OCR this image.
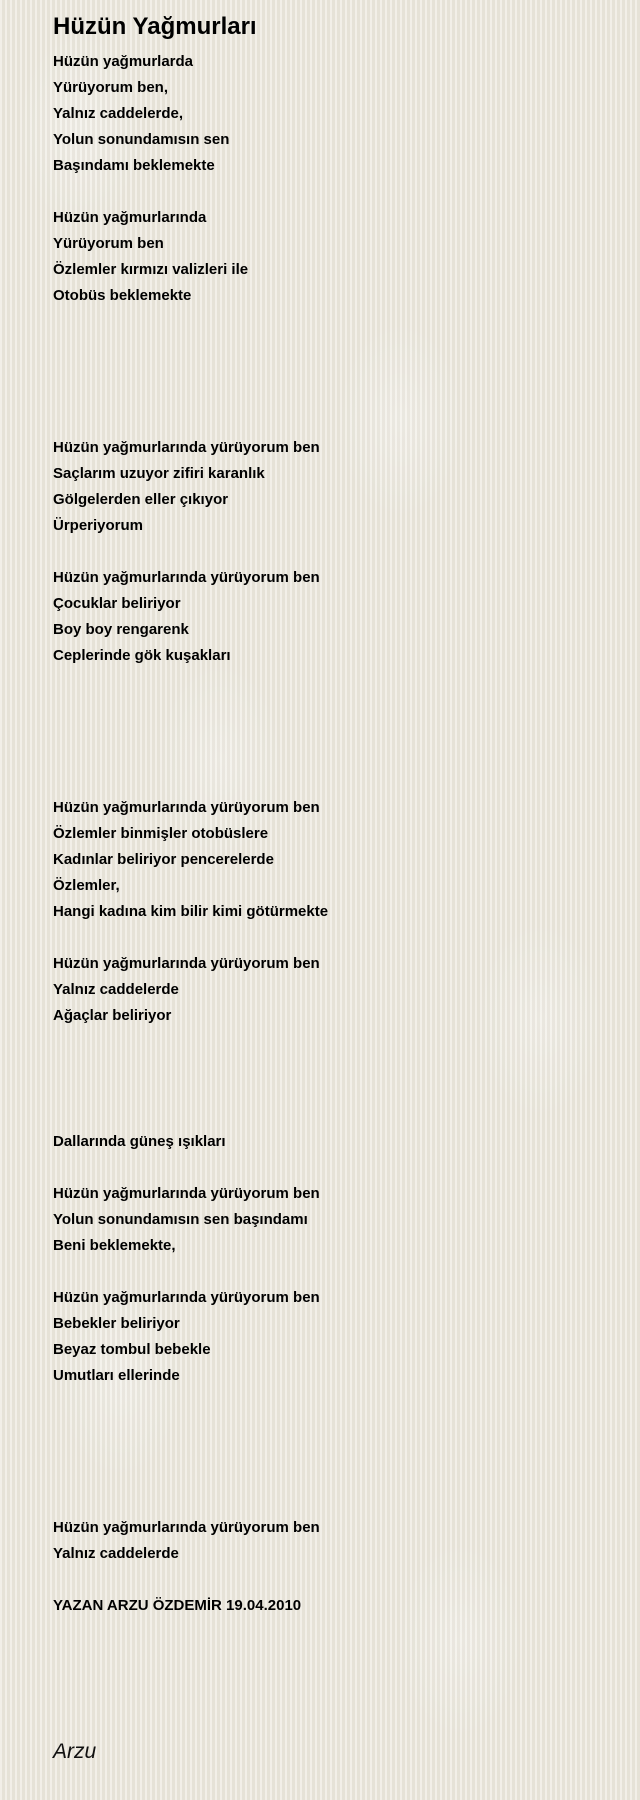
Hüzün Yağmurları
Hüzün yağmurlarda
Yürüyorum ben,
Yalnız caddelerde,
Yolun sonundamısın sen
Başındamı beklemekte
Hüzün yağmurlarında
Yürüyorum ben
Özlemler kırmızı valizleri ile
Otobüs beklemekte
Hüzün yağmurlarında yürüyorum ben
Saçlarım uzuyor zifiri karanlık
Gölgelerden eller çıkıyor
Ürperiyorum
Hüzün yağmurlarında yürüyorum ben
Çocuklar beliriyor
Boy boy rengarenk
Ceplerinde gök kuşakları
Hüzün yağmurlarında yürüyorum ben
Özlemler binmişler otobüslere
Kadınlar beliriyor pencerelerde
Özlemler,
Hangi kadına kim bilir kimi götürmekte
Hüzün yağmurlarında yürüyorum ben
Yalnız caddelerde
Ağaçlar beliriyor
Dallarında güneş ışıkları
Hüzün yağmurlarında yürüyorum ben
Yolun sonundamısın sen başındamı
Beni beklemekte,
Hüzün yağmurlarında yürüyorum ben
Bebekler beliriyor
Beyaz tombul bebekle
Umutları ellerinde
Hüzün yağmurlarında yürüyorum ben
Yalnız caddelerde
YAZAN ARZU ÖZDEMİR 19.04.2010
Arzu
